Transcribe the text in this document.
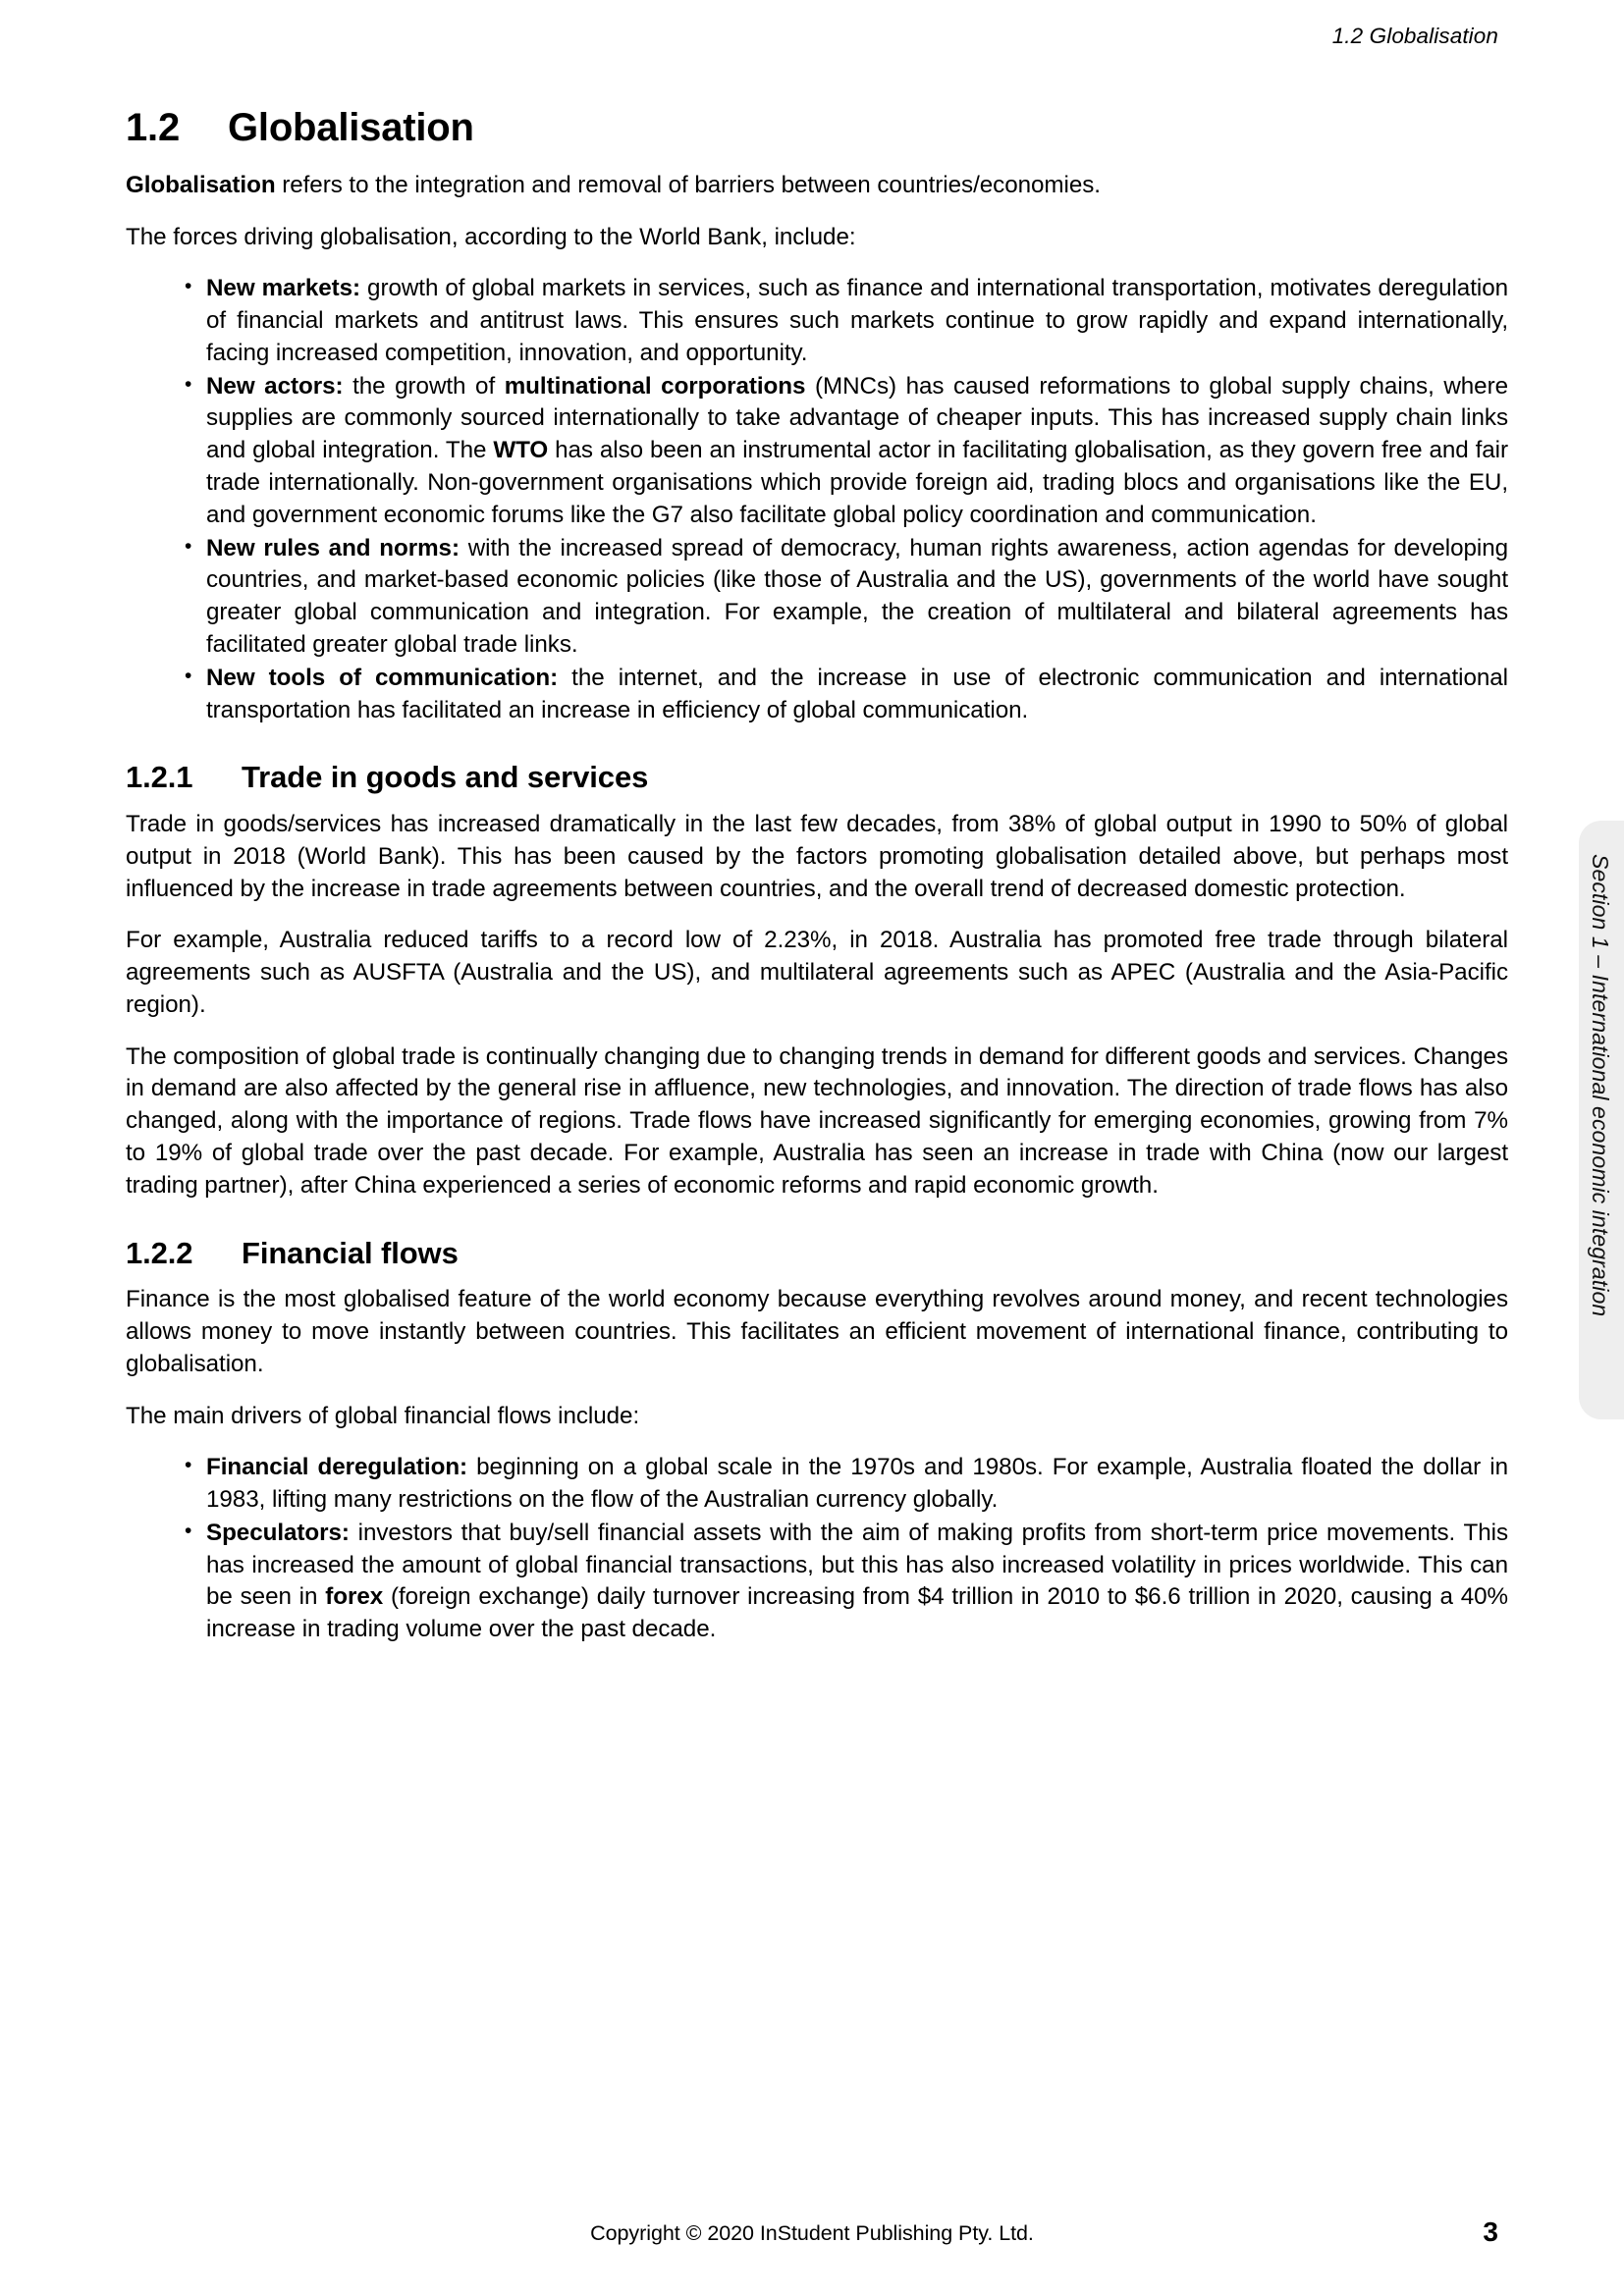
1.2 Globalisation
1.2	Globalisation

Globalisation refers to the integration and removal of barriers between countries/economies.

The forces driving globalisation, according to the World Bank, include:

• New markets: growth of global markets in services, such as finance and international transportation, motivates deregulation of financial markets and antitrust laws. This ensures such markets continue to grow rapidly and expand internationally, facing increased competition, innovation, and opportunity.
• New actors: the growth of multinational corporations (MNCs) has caused reformations to global supply chains, where supplies are commonly sourced internationally to take advantage of cheaper inputs. This has increased supply chain links and global integration. The WTO has also been an instrumental actor in facilitating globalisation, as they govern free and fair trade internationally. Non-government organisations which provide foreign aid, trading blocs and organisations like the EU, and government economic forums like the G7 also facilitate global policy coordination and communication.
• New rules and norms: with the increased spread of democracy, human rights awareness, action agendas for developing countries, and market-based economic policies (like those of Australia and the US), governments of the world have sought greater global communication and integration. For example, the creation of multilateral and bilateral agreements has facilitated greater global trade links.
• New tools of communication: the internet, and the increase in use of electronic communication and international transportation has facilitated an increase in efficiency of global communication.
1.2.1	Trade in goods and services

Trade in goods/services has increased dramatically in the last few decades, from 38% of global output in 1990 to 50% of global output in 2018 (World Bank). This has been caused by the factors promoting globalisation detailed above, but perhaps most influenced by the increase in trade agreements between countries, and the overall trend of decreased domestic protection.

For example, Australia reduced tariffs to a record low of 2.23%, in 2018. Australia has promoted free trade through bilateral agreements such as AUSFTA (Australia and the US), and multilateral agreements such as APEC (Australia and the Asia-Pacific region).

The composition of global trade is continually changing due to changing trends in demand for different goods and services. Changes in demand are also affected by the general rise in affluence, new technologies, and innovation. The direction of trade flows has also changed, along with the importance of regions. Trade flows have increased significantly for emerging economies, growing from 7% to 19% of global trade over the past decade. For example, Australia has seen an increase in trade with China (now our largest trading partner), after China experienced a series of economic reforms and rapid economic growth.

1.2.2	Financial flows

Finance is the most globalised feature of the world economy because everything revolves around money, and recent technologies allows money to move instantly between countries. This facilitates an efficient movement of international finance, contributing to globalisation.

The main drivers of global financial flows include:

• Financial deregulation: beginning on a global scale in the 1970s and 1980s. For example, Australia floated the dollar in 1983, lifting many restrictions on the flow of the Australian currency globally.
• Speculators: investors that buy/sell financial assets with the aim of making profits from short-term price movements. This has increased the amount of global financial transactions, but this has also increased volatility in prices worldwide. This can be seen in forex (foreign exchange) daily turnover increasing from $4 trillion in 2010 to $6.6 trillion in 2020, causing a 40% increase in trading volume over the past decade.
Section 1 – International economic integration
Copyright © 2020 InStudent Publishing Pty. Ltd.	3
